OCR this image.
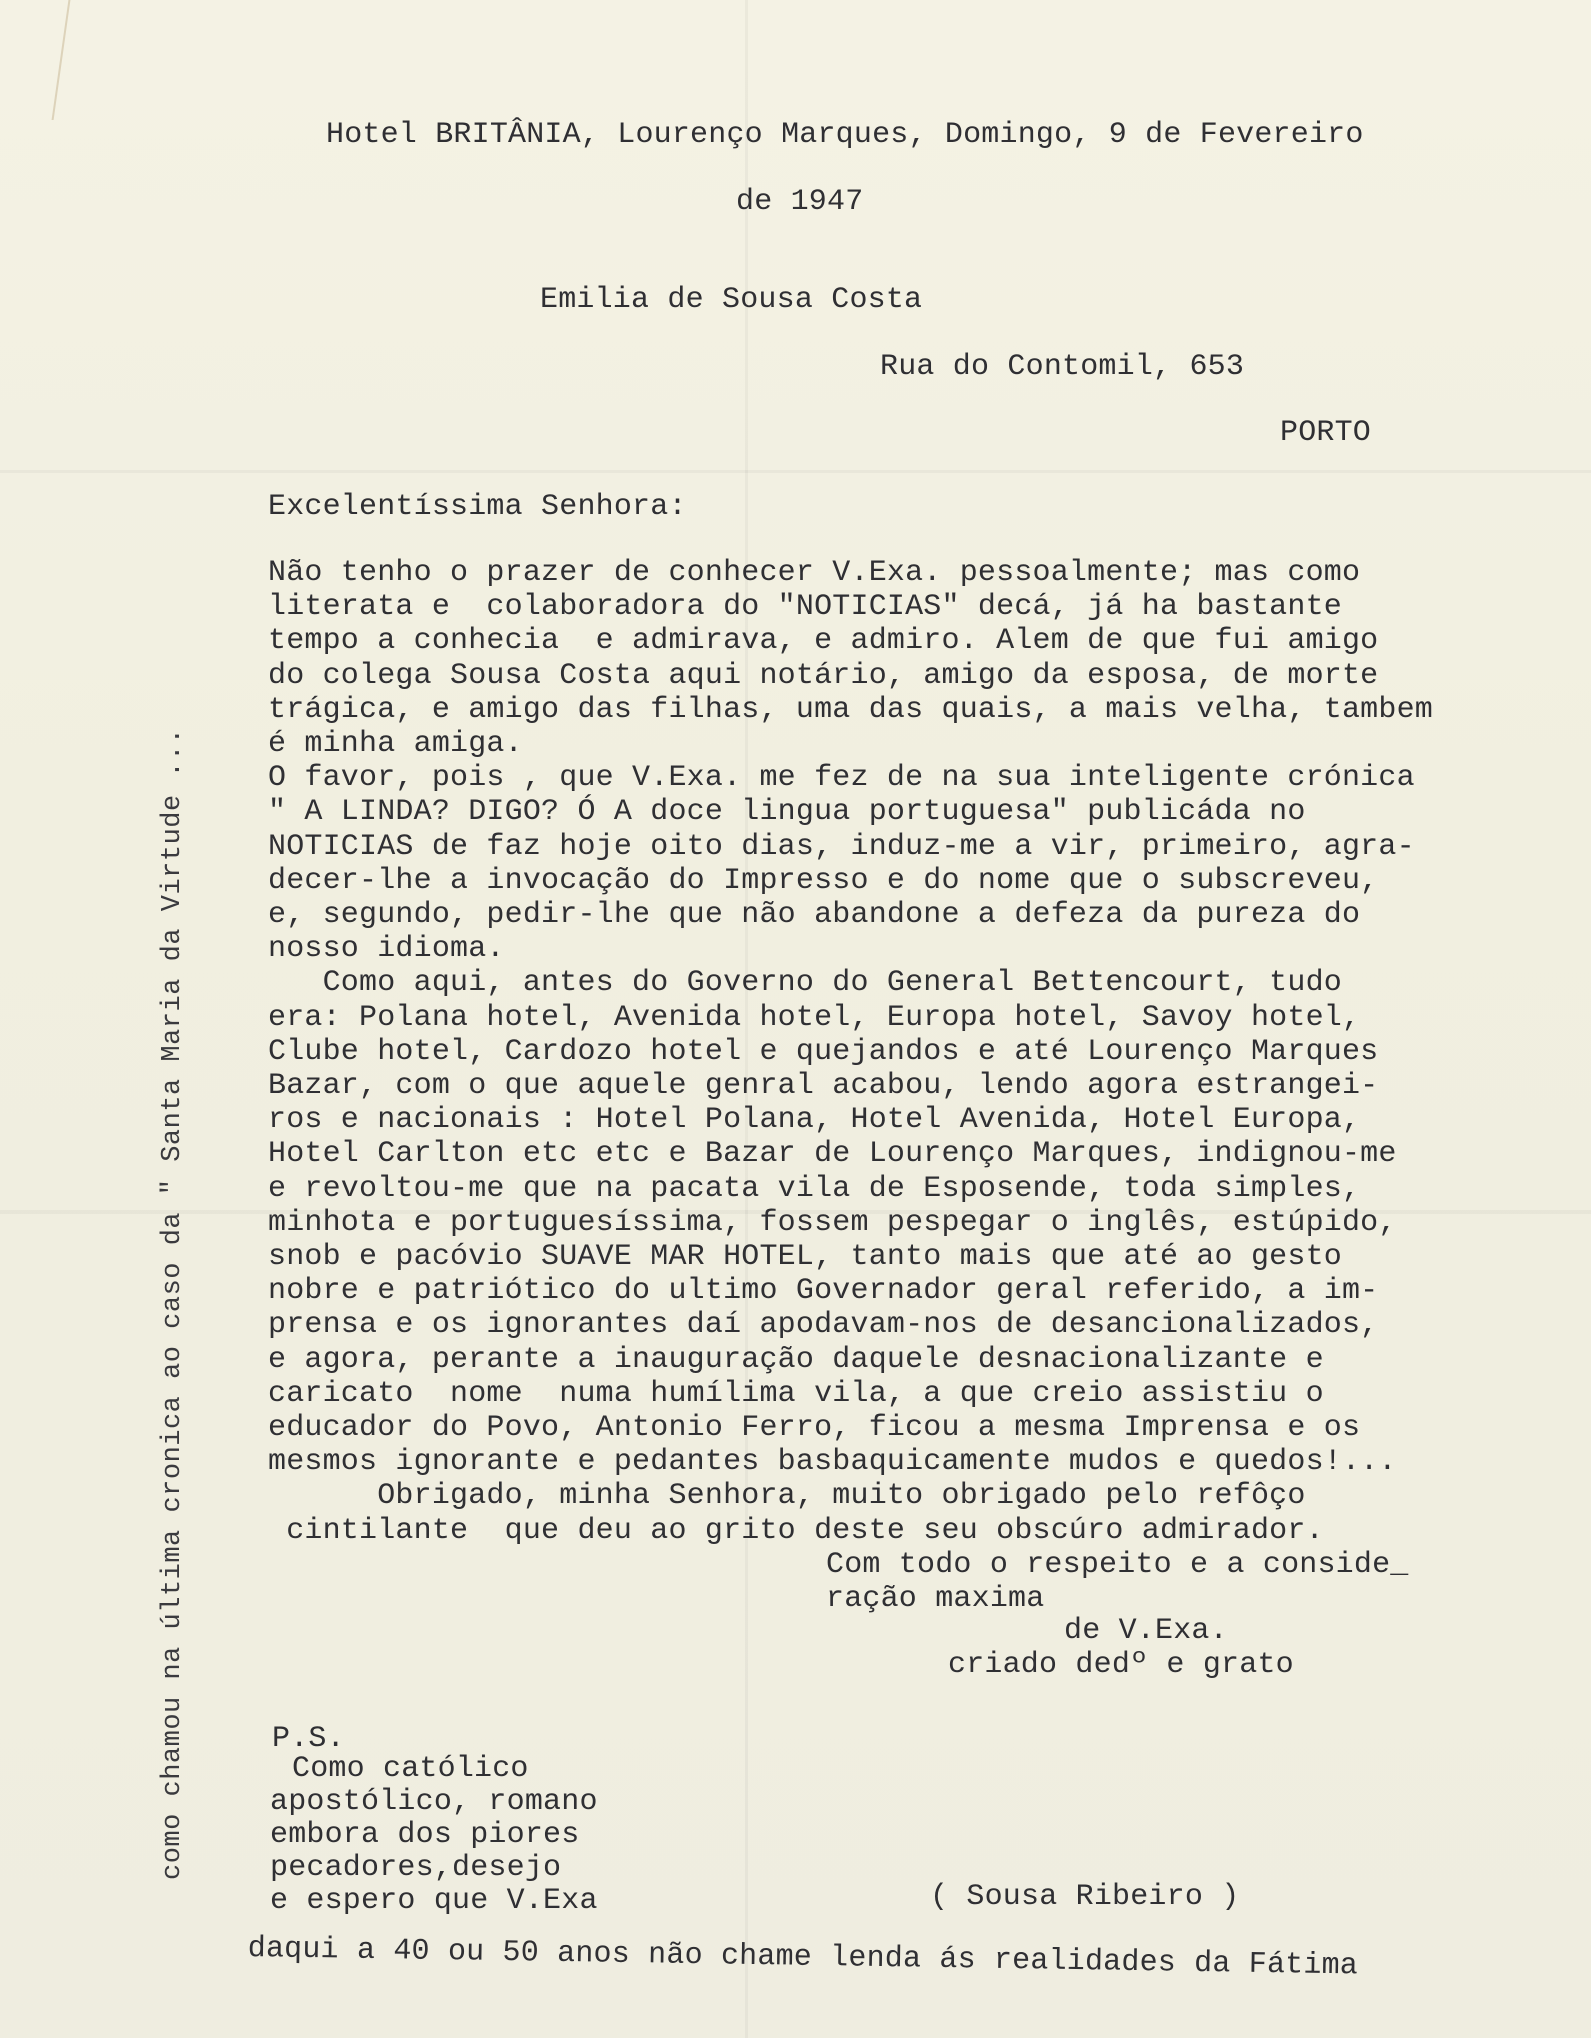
Hotel BRITÂNIA, Lourenço Marques, Domingo, 9 de Fevereiro
de 1947
Emilia de Sousa Costa
Rua do Contomil, 653
PORTO
Excelentíssima Senhora:
Não tenho o prazer de conhecer V.Exa. pessoalmente; mas como
literata e  colaboradora do "NOTICIAS" decá, já ha bastante
tempo a conhecia  e admirava, e admiro. Alem de que fui amigo
do colega Sousa Costa aqui notário, amigo da esposa, de morte
trágica, e amigo das filhas, uma das quais, a mais velha, tambem
é minha amiga.
O favor, pois , que V.Exa. me fez de na sua inteligente crónica
" A LINDA? DIGO? Ó A doce lingua portuguesa" publicáda no
NOTICIAS de faz hoje oito dias, induz-me a vir, primeiro, agra-
decer-lhe a invocação do Impresso e do nome que o subscreveu,
e, segundo, pedir-lhe que não abandone a defeza da pureza do
nosso idioma.
Como aqui, antes do Governo do General Bettencourt, tudo
era: Polana hotel, Avenida hotel, Europa hotel, Savoy hotel,
Clube hotel, Cardozo hotel e quejandos e até Lourenço Marques
Bazar, com o que aquele genral acabou, lendo agora estrangei-
ros e nacionais : Hotel Polana, Hotel Avenida, Hotel Europa,
Hotel Carlton etc etc e Bazar de Lourenço Marques, indignou-me
e revoltou-me que na pacata vila de Esposende, toda simples,
minhota e portuguesíssima, fossem pespegar o inglês, estúpido,
snob e pacóvio SUAVE MAR HOTEL, tanto mais que até ao gesto
nobre e patriótico do ultimo Governador geral referido, a im-
prensa e os ignorantes daí apodavam-nos de desancionalizados,
e agora, perante a inauguração daquele desnacionalizante e
caricato  nome  numa humílima vila, a que creio assistiu o
educador do Povo, Antonio Ferro, ficou a mesma Imprensa e os
mesmos ignorante e pedantes basbaquicamente mudos e quedos!...
Obrigado, minha Senhora, muito obrigado pelo refôço
cintilante  que deu ao grito deste seu obscúro admirador.
Com todo o respeito e a conside_
ração maxima
de V.Exa.
criado dedº e grato
P.S.
Como católico
apostólico, romano
embora dos piores
pecadores,desejo
e espero que V.Exa	( Sousa Ribeiro )
daqui a 40 ou 50 anos não chame lenda ás realidades da Fátima
como chamou na última cronica ao caso da " Santa Maria da Virtude ...
